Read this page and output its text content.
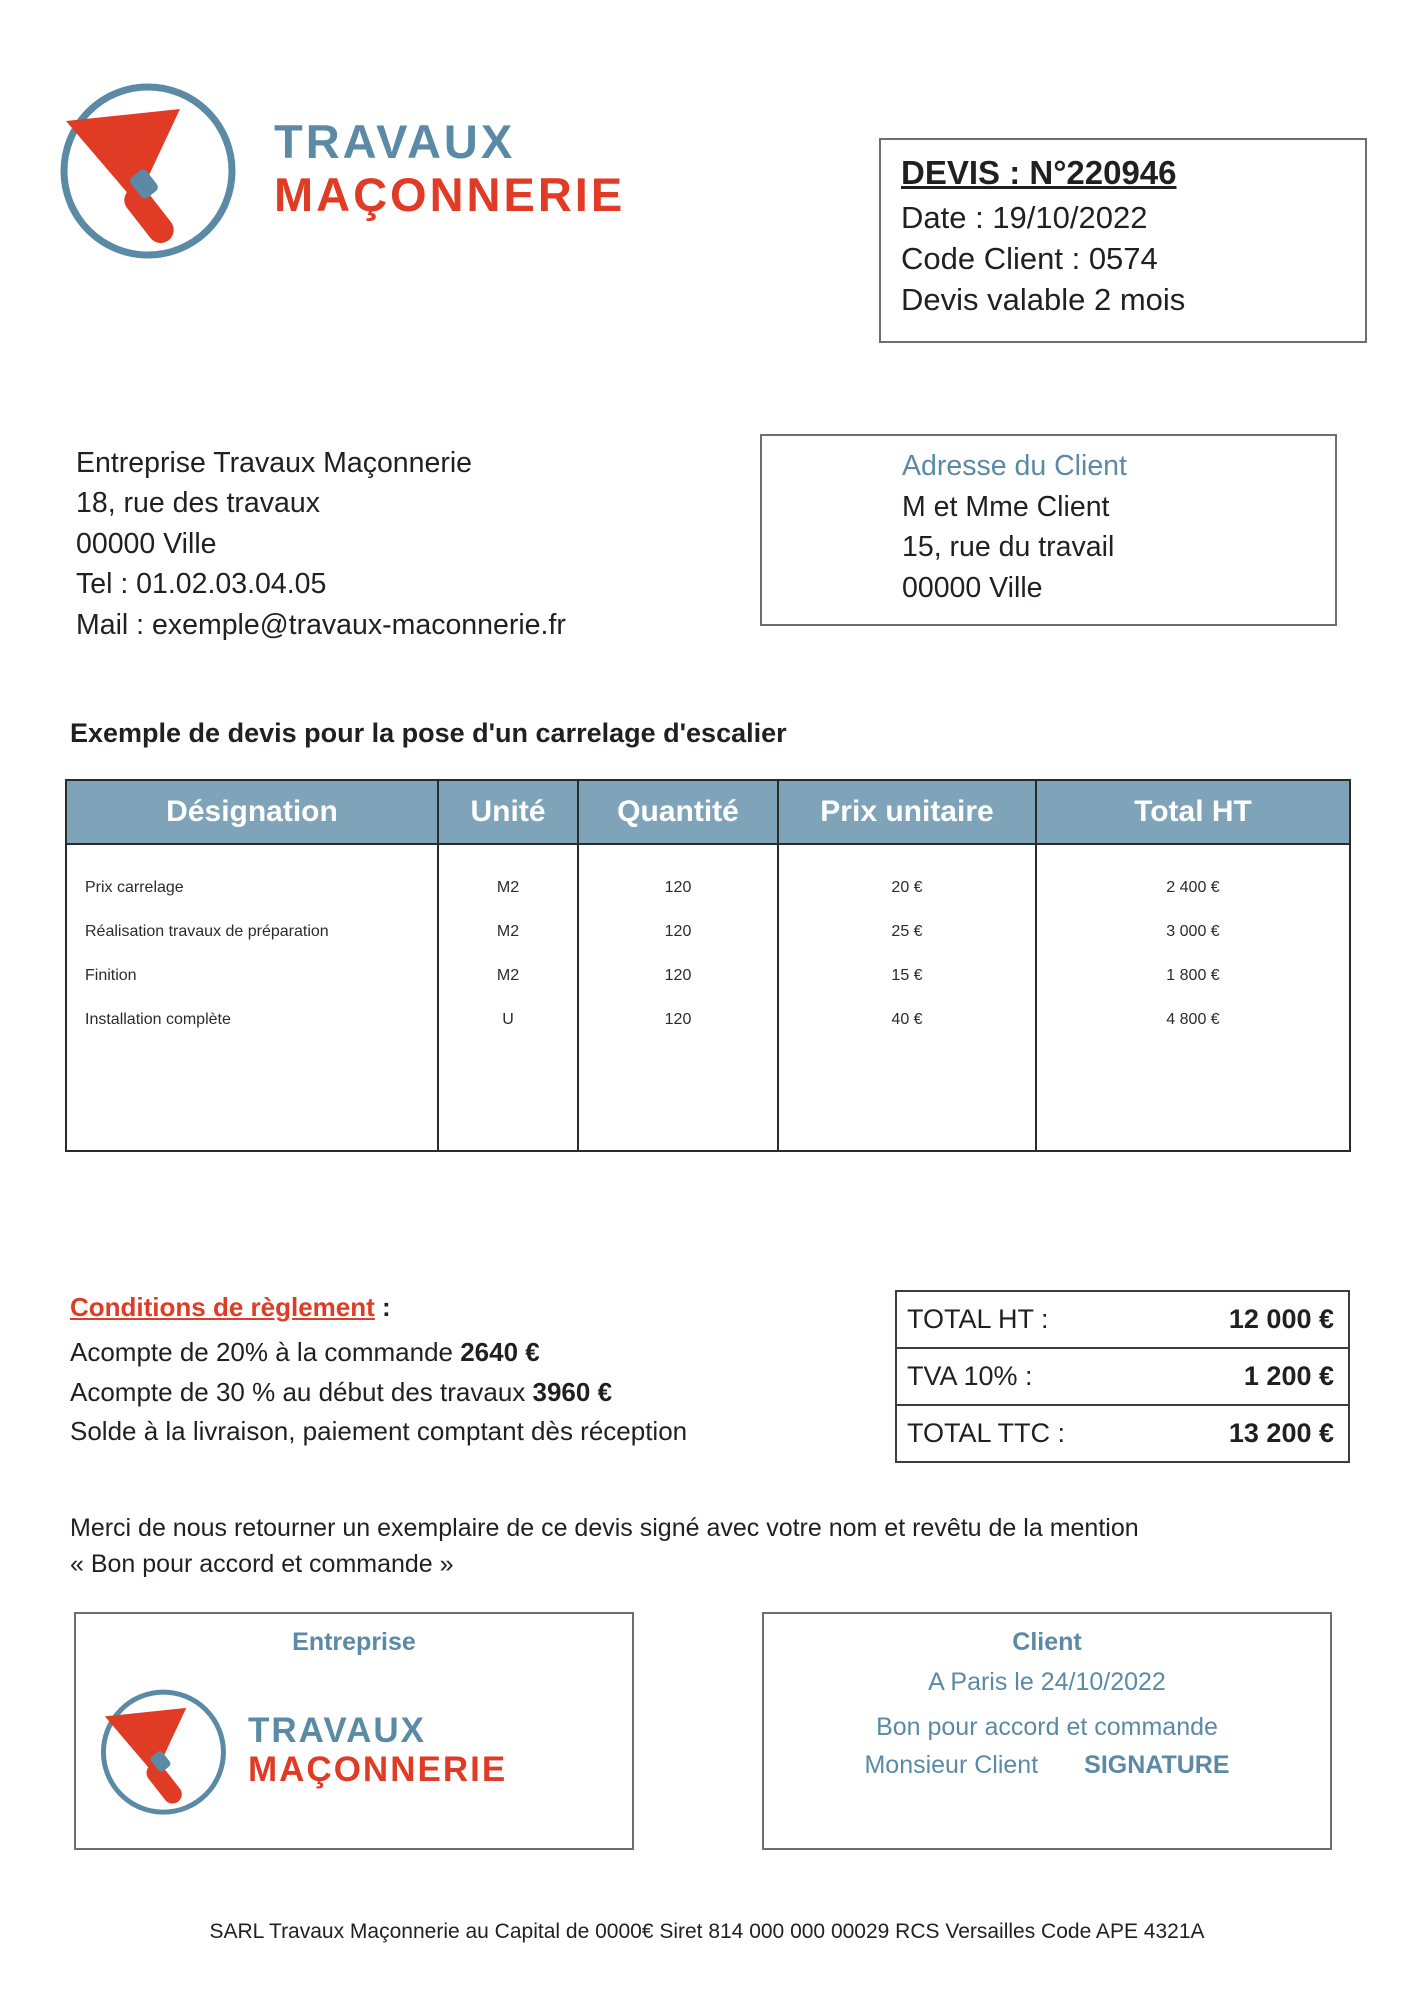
TRAVAUX
MAÇONNERIE	DEVIS : N°220946
Date : 19/10/2022
Code Client : 0574
Devis valable 2 mois
Entreprise Travaux Maçonnerie
18, rue des travaux
00000 Ville
Tel : 01.02.03.04.05
Mail : exemple@travaux-maconnerie.fr
Adresse du Client
M et Mme Client
15, rue du travail
00000 Ville
Exemple de devis pour la pose d'un carrelage d'escalier
Désignation	Unité	Quantité	Prix unitaire	Total HT
Prix carrelage	M2	120	20 €	2 400 €
Réalisation travaux de préparation	M2	120	25 €	3 000 €
Finition	M2	120	15 €	1 800 €
Installation complète	U	120	40 €	4 800 €

Conditions de règlement :
Acompte de 20% à la commande 2640 €
Acompte de 30 % au début des travaux 3960 €
Solde à la livraison, paiement comptant dès réception
TOTAL HT :	12 000 €
TVA 10% :	1 200 €
TOTAL TTC :	13 200 €
Merci de nous retourner un exemplaire de ce devis signé avec votre nom et revêtu de la mention
« Bon pour accord et commande »
Entreprise
TRAVAUX
MAÇONNERIE
Client
A Paris le 24/10/2022
Bon pour accord et commande
Monsieur Client SIGNATURE
SARL Travaux Maçonnerie au Capital de 0000€ Siret 814 000 000 00029 RCS Versailles Code APE 4321A
